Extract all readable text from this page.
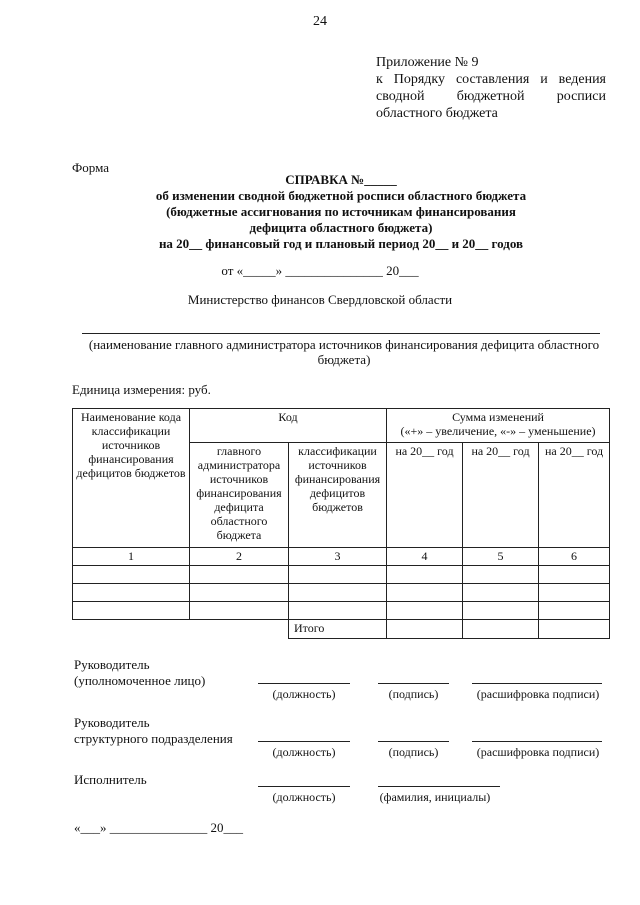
24
Приложение № 9
к Порядку составления и ведения
сводной бюджетной росписи
областного бюджета
Форма
СПРАВКА №_____
об изменении сводной бюджетной росписи областного бюджета
(бюджетные ассигнования по источникам финансирования
дефицита областного бюджета)
на 20__ финансовый год и плановый период 20__ и 20__ годов
от «_____» _______________ 20___
Министерство финансов Свердловской области
(наименование главного администратора источников финансирования дефицита областного бюджета)
Единица измерения: руб.
Наименование кода классификации источников финансирования дефицитов бюджетов	Код		Сумма изменений
(«+» – увеличение, «-» – уменьшение)		

	главного администратора источников финансирования дефицита областного бюджета	классификации источников финансирования дефицитов бюджетов	на 20__ год	на 20__ год	на 20__ год
1	2	3	4	5	6

		Итого			
Руководитель
(уполномоченное лицо)
(должность)	(подпись)	(расшифровка подписи)
Руководитель
структурного подразделения
(должность)	(подпись)	(расшифровка подписи)
Исполнитель
(должность)	(фамилия, инициалы)
«___» _______________ 20___
